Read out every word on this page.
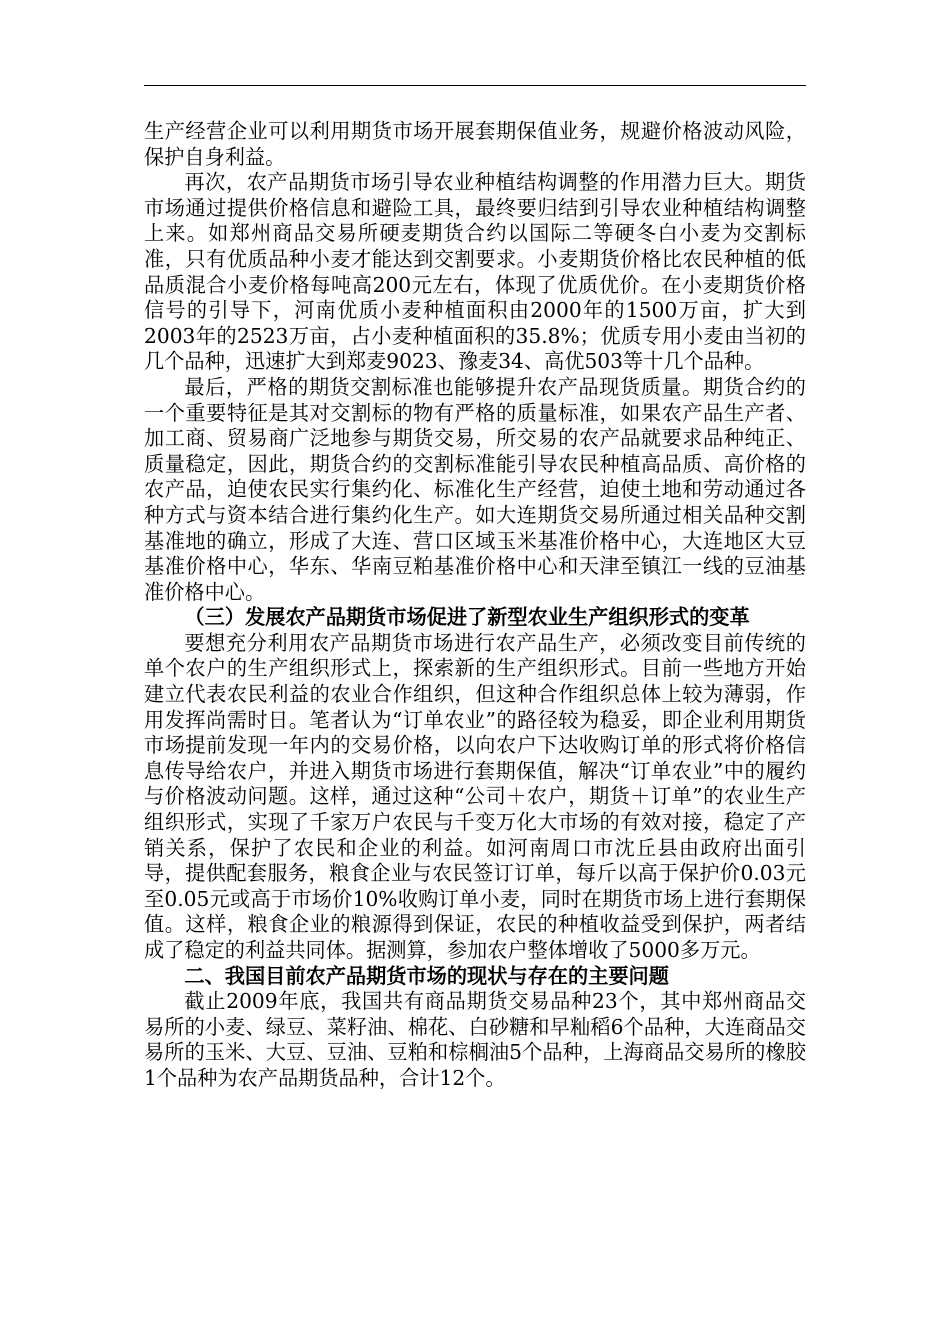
生产经营企业可以利用期货市场开展套期保值业务，规避价格波动风险，保护自身利益。

再次，农产品期货市场引导农业种植结构调整的作用潜力巨大。期货市场通过提供价格信息和避险工具，最终要归结到引导农业种植结构调整上来。如郑州商品交易所硬麦期货合约以国际二等硬冬白小麦为交割标准，只有优质品种小麦才能达到交割要求。小麦期货价格比农民种植的低品质混合小麦价格每吨高200元左右，体现了优质优价。在小麦期货价格信号的引导下，河南优质小麦种植面积由2000年的1500万亩，扩大到2003年的2523万亩，占小麦种植面积的35.8%；优质专用小麦由当初的几个品种，迅速扩大到郑麦9023、豫麦34、高优503等十几个品种。

最后，严格的期货交割标准也能够提升农产品现货质量。期货合约的一个重要特征是其对交割标的物有严格的质量标准，如果农产品生产者、加工商、贸易商广泛地参与期货交易，所交易的农产品就要求品种纯正、质量稳定，因此，期货合约的交割标准能引导农民种植高品质、高价格的农产品，迫使农民实行集约化、标准化生产经营，迫使土地和劳动通过各种方式与资本结合进行集约化生产。如大连期货交易所通过相关品种交割基准地的确立，形成了大连、营口区域玉米基准价格中心，大连地区大豆基准价格中心，华东、华南豆粕基准价格中心和天津至镇江一线的豆油基准价格中心。

（三）发展农产品期货市场促进了新型农业生产组织形式的变革

要想充分利用农产品期货市场进行农产品生产，必须改变目前传统的单个农户的生产组织形式上，探索新的生产组织形式。目前一些地方开始建立代表农民利益的农业合作组织，但这种合作组织总体上较为薄弱，作用发挥尚需时日。笔者认为“订单农业”的路径较为稳妥，即企业利用期货市场提前发现一年内的交易价格，以向农户下达收购订单的形式将价格信息传导给农户，并进入期货市场进行套期保值，解决“订单农业”中的履约与价格波动问题。这样，通过这种“公司＋农户，期货＋订单”的农业生产组织形式，实现了千家万户农民与千变万化大市场的有效对接，稳定了产销关系，保护了农民和企业的利益。如河南周口市沈丘县由政府出面引导，提供配套服务，粮食企业与农民签订订单，每斤以高于保护价0.03元至0.05元或高于市场价10%收购订单小麦，同时在期货市场上进行套期保值。这样，粮食企业的粮源得到保证，农民的种植收益受到保护，两者结成了稳定的利益共同体。据测算，参加农户整体增收了5000多万元。

二、我国目前农产品期货市场的现状与存在的主要问题

截止2009年底，我国共有商品期货交易品种23个，其中郑州商品交易所的小麦、绿豆、菜籽油、棉花、白砂糖和早籼稻6个品种，大连商品交易所的玉米、大豆、豆油、豆粕和棕榈油5个品种，上海商品交易所的橡胶1个品种为农产品期货品种，合计12个。
